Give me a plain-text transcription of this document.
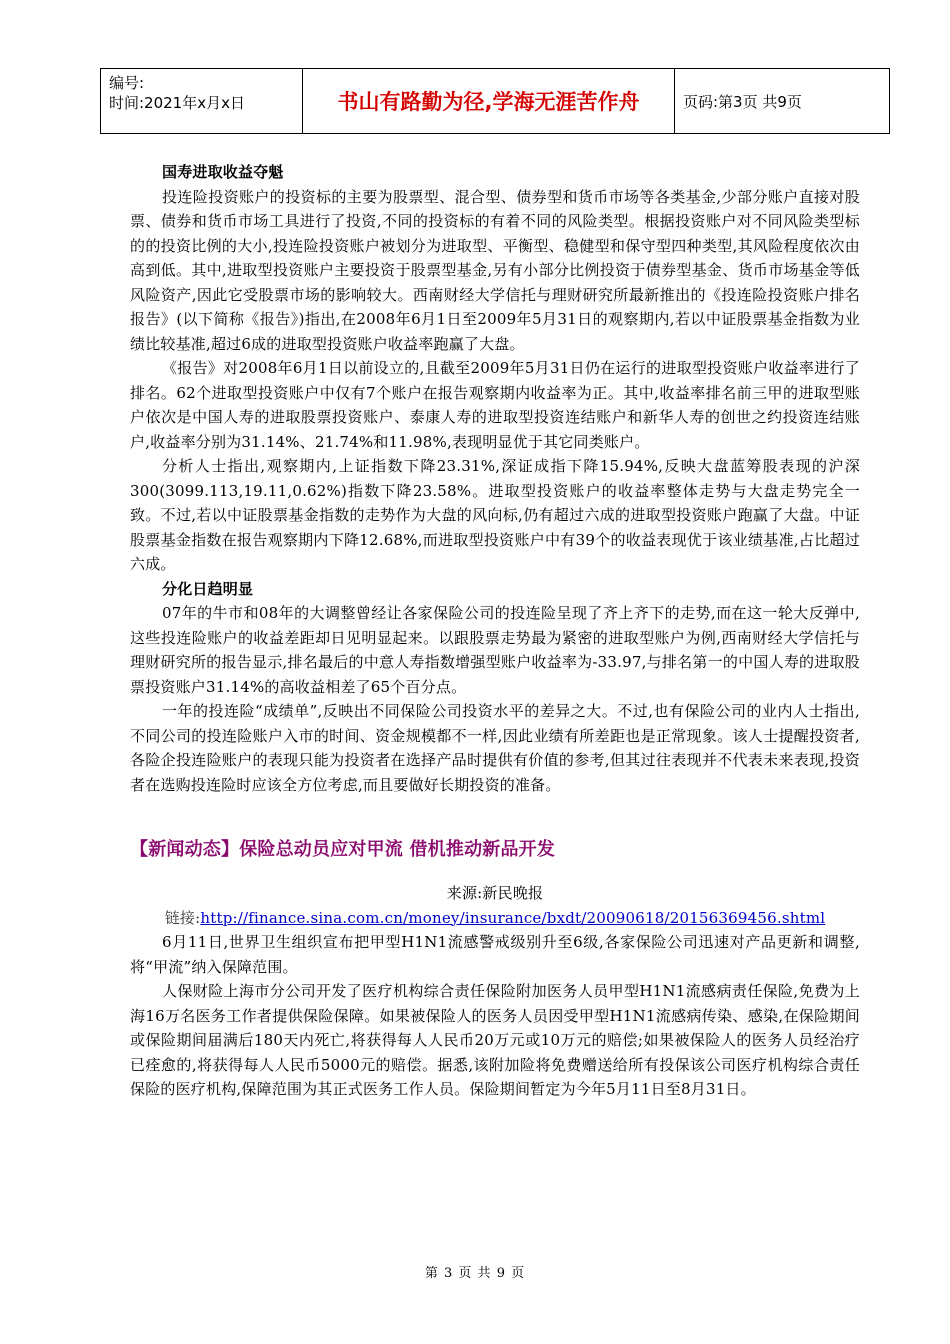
编号:
时间:2021年x月x日	书山有路勤为径,学海无涯苦作舟	页码:第3页 共9页
国寿进取收益夺魁

投连险投资账户的投资标的主要为股票型、混合型、债券型和货币市场等各类基金,少部分账户直接对股票、债券和货币市场工具进行了投资,不同的投资标的有着不同的风险类型。根据投资账户对不同风险类型标的的投资比例的大小,投连险投资账户被划分为进取型、平衡型、稳健型和保守型四种类型,其风险程度依次由高到低。其中,进取型投资账户主要投资于股票型基金,另有小部分比例投资于债券型基金、货币市场基金等低风险资产,因此它受股票市场的影响较大。西南财经大学信托与理财研究所最新推出的《投连险投资账户排名报告》(以下简称《报告》)指出,在2008年6月1日至2009年5月31日的观察期内,若以中证股票基金指数为业绩比较基准,超过6成的进取型投资账户收益率跑赢了大盘。

《报告》对2008年6月1日以前设立的,且截至2009年5月31日仍在运行的进取型投资账户收益率进行了排名。62个进取型投资账户中仅有7个账户在报告观察期内收益率为正。其中,收益率排名前三甲的进取型账户依次是中国人寿的进取股票投资账户、泰康人寿的进取型投资连结账户和新华人寿的创世之约投资连结账户,收益率分别为31.14%、21.74%和11.98%,表现明显优于其它同类账户。

分析人士指出,观察期内,上证指数下降23.31%,深证成指下降15.94%,反映大盘蓝筹股表现的沪深300(3099.113,19.11,0.62%)指数下降23.58%。进取型投资账户的收益率整体走势与大盘走势完全一致。不过,若以中证股票基金指数的走势作为大盘的风向标,仍有超过六成的进取型投资账户跑赢了大盘。中证股票基金指数在报告观察期内下降12.68%,而进取型投资账户中有39个的收益表现优于该业绩基准,占比超过六成。

分化日趋明显

07年的牛市和08年的大调整曾经让各家保险公司的投连险呈现了齐上齐下的走势,而在这一轮大反弹中,这些投连险账户的收益差距却日见明显起来。以跟股票走势最为紧密的进取型账户为例,西南财经大学信托与理财研究所的报告显示,排名最后的中意人寿指数增强型账户收益率为-33.97,与排名第一的中国人寿的进取股票投资账户31.14%的高收益相差了65个百分点。

一年的投连险“成绩单”,反映出不同保险公司投资水平的差异之大。不过,也有保险公司的业内人士指出,不同公司的投连险账户入市的时间、资金规模都不一样,因此业绩有所差距也是正常现象。该人士提醒投资者,各险企投连险账户的表现只能为投资者在选择产品时提供有价值的参考,但其过往表现并不代表未来表现,投资者在选购投连险时应该全方位考虑,而且要做好长期投资的准备。

【新闻动态】保险总动员应对甲流 借机推动新品开发
来源:新民晚报
链接:http://finance.sina.com.cn/money/insurance/bxdt/20090618/20156369456.shtml

6月11日,世界卫生组织宣布把甲型H1N1流感警戒级别升至6级,各家保险公司迅速对产品更新和调整,将“甲流”纳入保障范围。

人保财险上海市分公司开发了医疗机构综合责任保险附加医务人员甲型H1N1流感病责任保险,免费为上海16万名医务工作者提供保险保障。如果被保险人的医务人员因受甲型H1N1流感病传染、感染,在保险期间或保险期间届满后180天内死亡,将获得每人人民币20万元或10万元的赔偿;如果被保险人的医务人员经治疗已痊愈的,将获得每人人民币5000元的赔偿。据悉,该附加险将免费赠送给所有投保该公司医疗机构综合责任保险的医疗机构,保障范围为其正式医务工作人员。保险期间暂定为今年5月11日至8月31日。

第 3 页 共 9 页
